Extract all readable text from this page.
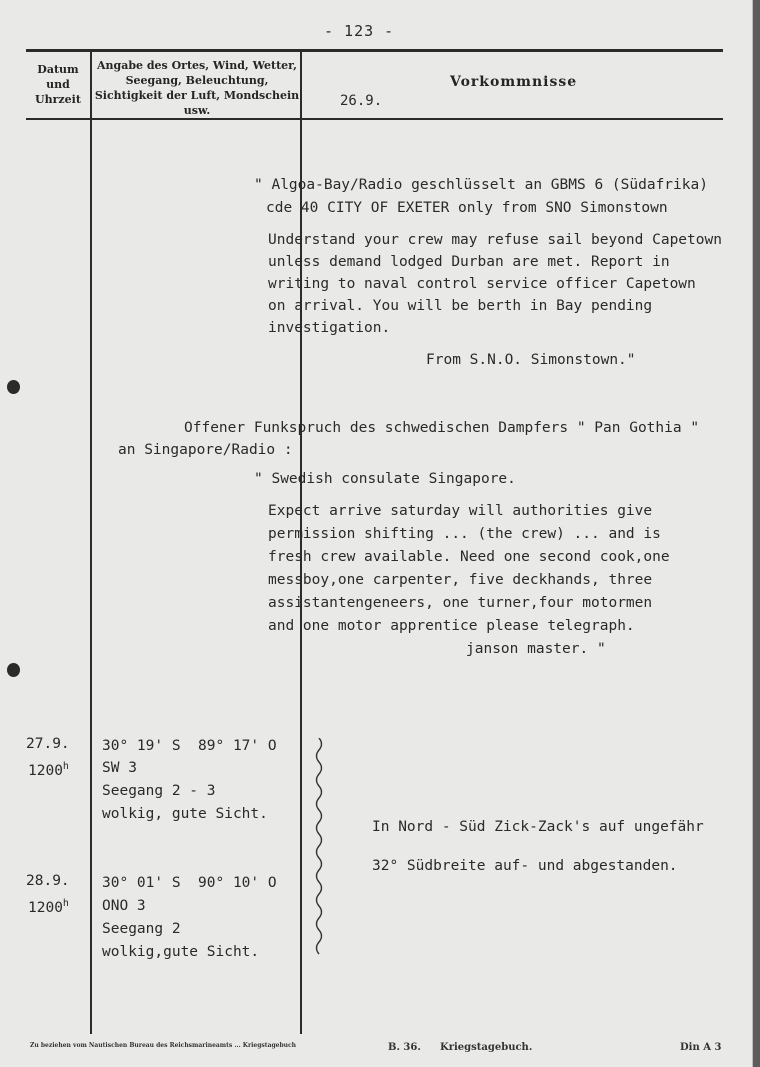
- 123 -
Datum und Uhrzeit
Angabe des Ortes, Wind, Wetter, Seegang, Beleuchtung, Sichtigkeit der Luft, Mondschein usw.
Vorkommnisse
26.9.
" Algoa-Bay/Radio geschlüsselt an GBMS 6 (Südafrika)
cde 40 CITY OF EXETER only from SNO Simonstown
Understand your crew may refuse sail beyond Capetown
unless demand lodged Durban are met. Report in
writing to naval control service officer Capetown
on arrival. You will be berth in Bay pending
investigation.
From S.N.O. Simonstown."
Offener Funkspruch des schwedischen Dampfers " Pan Gothia "
an Singapore/Radio :
" Swedish consulate Singapore.
Expect arrive saturday will authorities give
permission shifting ... (the crew) ... and is
fresh crew available. Need one second cook,one
messboy,one carpenter, five deckhands, three
assistantengeneers, one turner,four motormen
and one motor apprentice please telegraph.
janson master. "
27.9.
1200$^h$
30° 19' S  89° 17' O
SW 3
Seegang 2 - 3
wolkig, gute Sicht.
28.9.
1200$^h$
30° 01' S  90° 10' O
ONO 3
Seegang 2
wolkig,gute Sicht.
In Nord - Süd Zick-Zack's auf ungefähr
32° Südbreite auf- und abgestanden.
Zu beziehen vom Nautischen Bureau des Reichsmarineamts ... Kriegstagebuch	B. 36. Kriegstagebuch.	Din A 3
